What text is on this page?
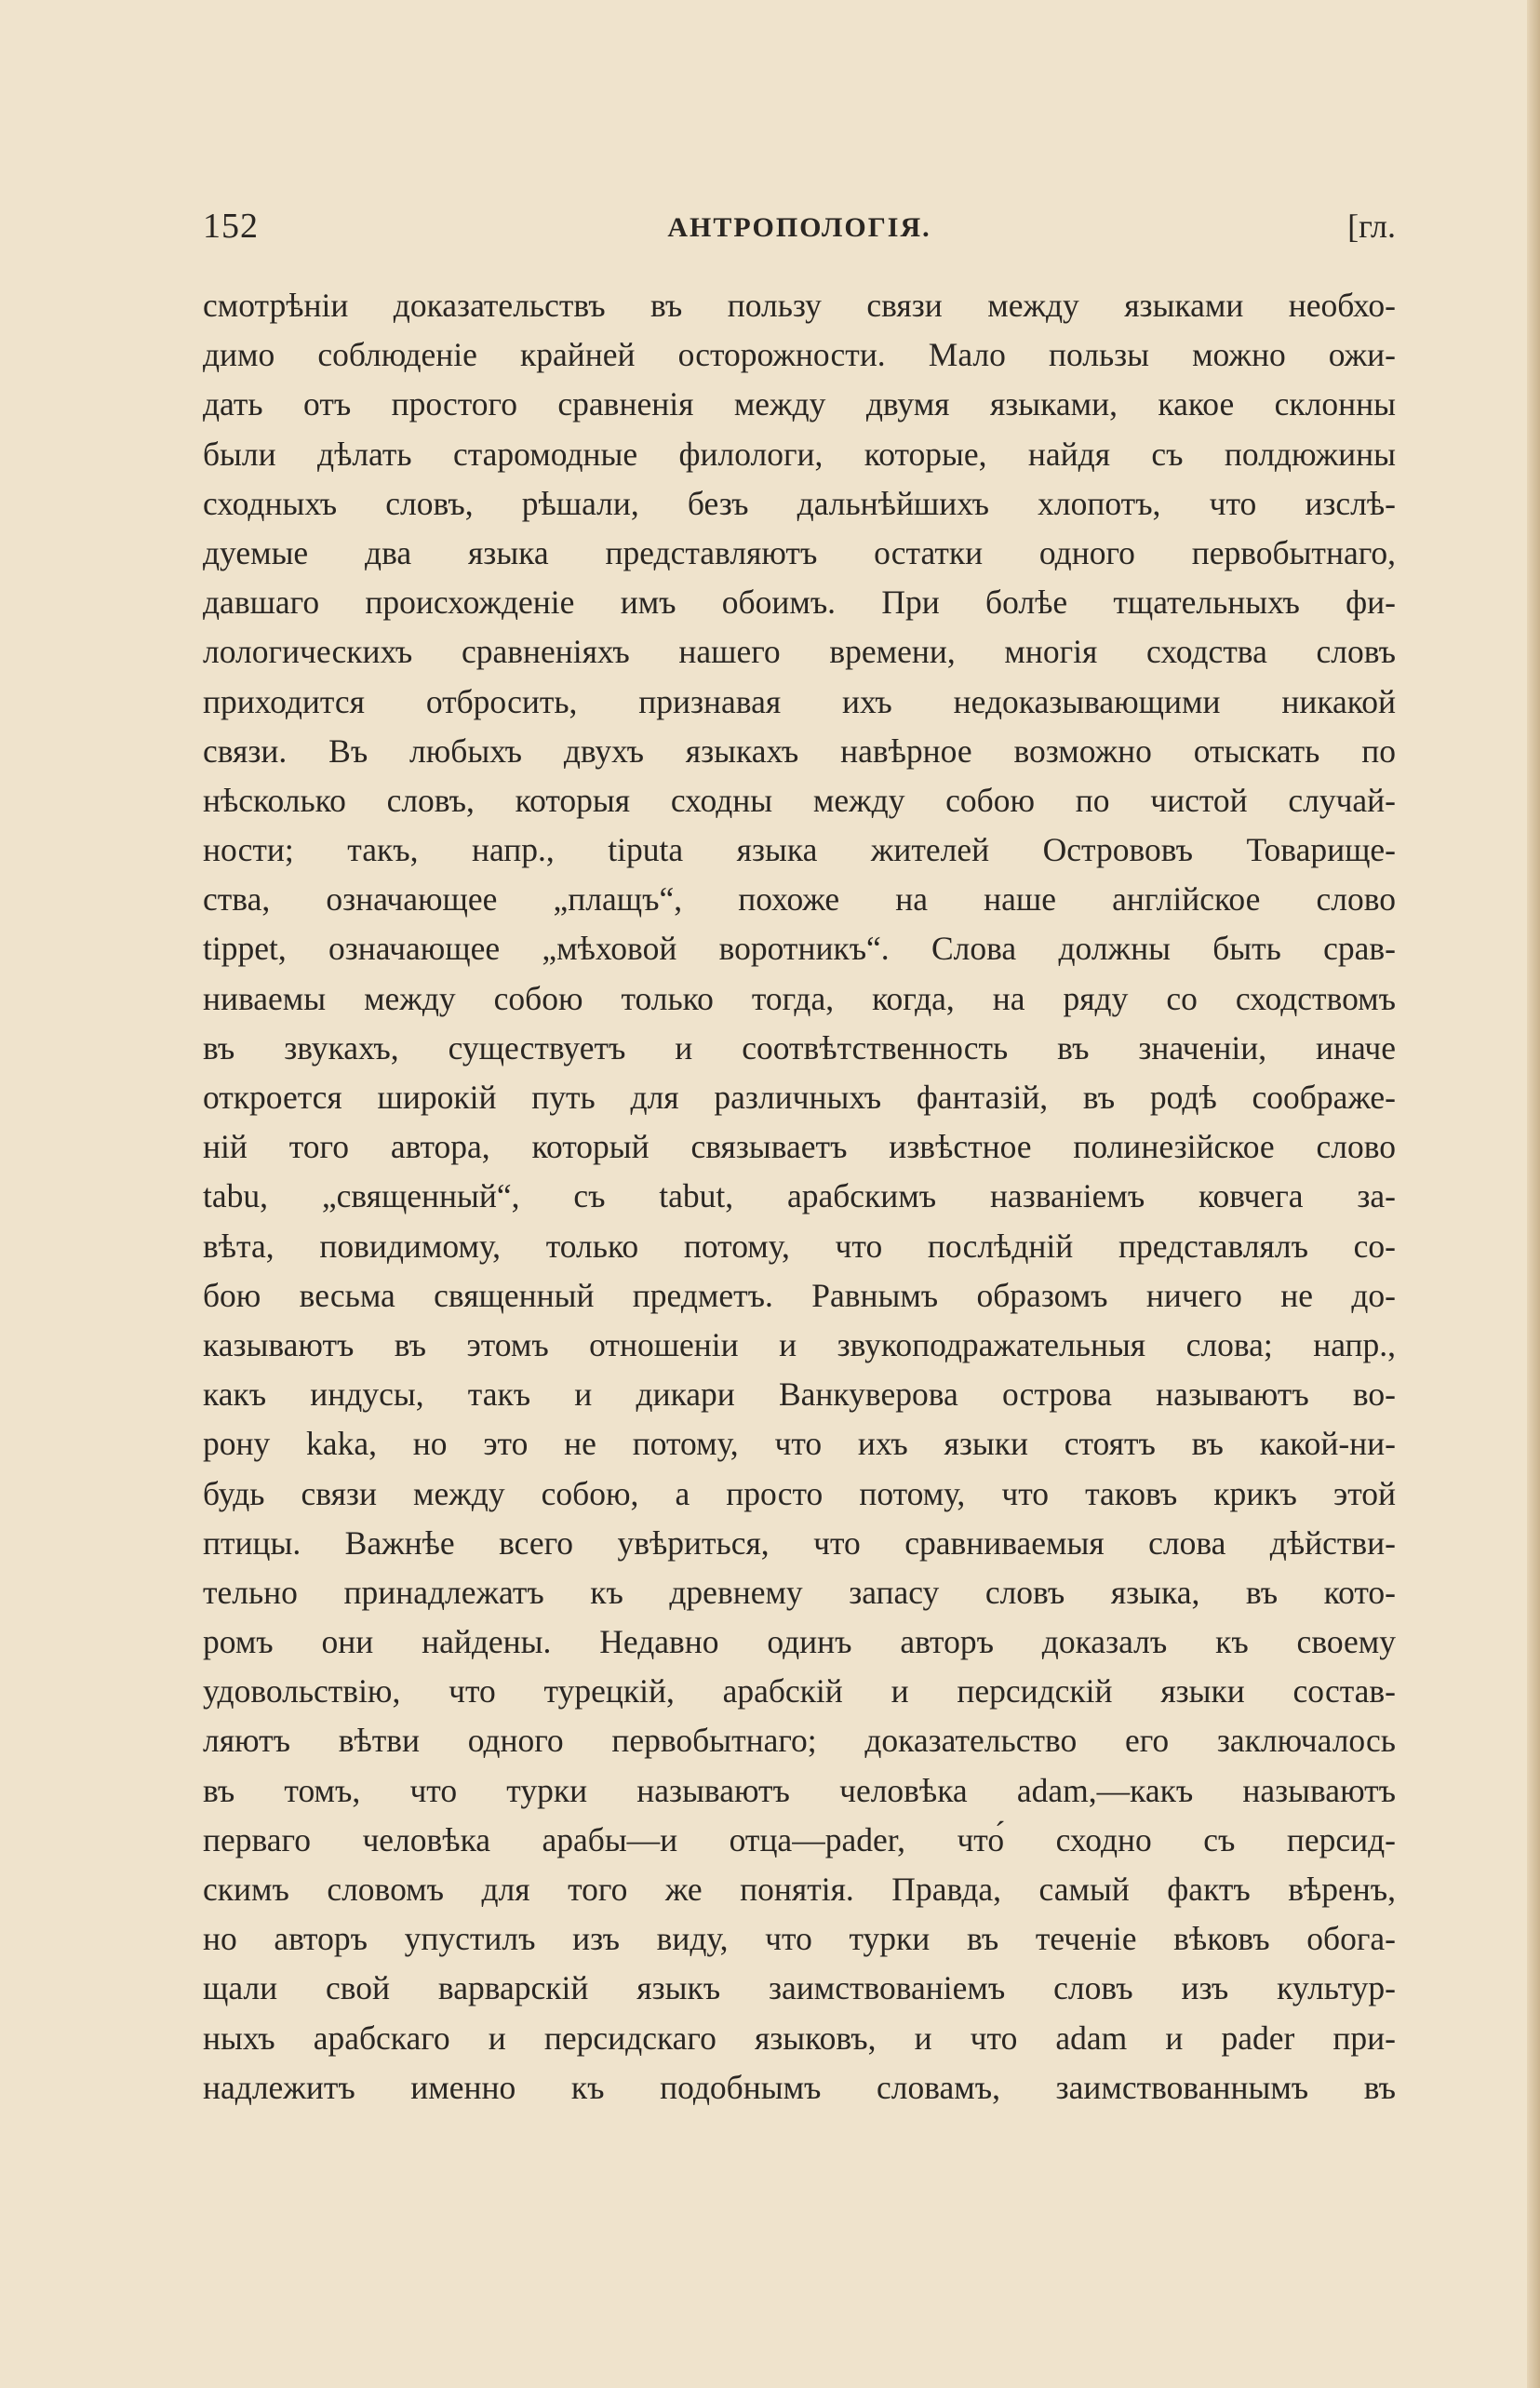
152	АНТРОПОЛОГІЯ.	[гл.
смотрѣніи доказательствъ въ пользу связи между языками необхо-
димо соблюденіе крайней осторожности. Мало пользы можно ожи-
дать отъ простого сравненія между двумя языками, какое склонны
были дѣлать старомодные филологи, которые, найдя съ полдюжины
сходныхъ словъ, рѣшали, безъ дальнѣйшихъ хлопотъ, что изслѣ-
дуемые два языка представляютъ остатки одного первобытнаго,
давшаго происхожденіе имъ обоимъ. При болѣе тщательныхъ фи-
лологическихъ сравненіяхъ нашего времени, многія сходства словъ
приходится отбросить, признавая ихъ недоказывающими никакой
связи. Въ любыхъ двухъ языкахъ навѣрное возможно отыскать по
нѣсколько словъ, которыя сходны между собою по чистой случай-
ности; такъ, напр., tiputa языка жителей Острововъ Товарище-
ства, означающее „плащъ“, похоже на наше англійское слово
tippet, означающее „мѣховой воротникъ“. Слова должны быть срав-
ниваемы между собою только тогда, когда, на ряду со сходствомъ
въ звукахъ, существуетъ и соотвѣтственность въ значеніи, иначе
откроется широкій путь для различныхъ фантазій, въ родѣ соображе-
ній того автора, который связываетъ извѣстное полинезійское слово
tabu, „священный“, съ tabut, арабскимъ названіемъ ковчега за-
вѣта, повидимому, только потому, что послѣдній представлялъ со-
бою весьма священный предметъ. Равнымъ образомъ ничего не до-
казываютъ въ этомъ отношеніи и звукоподражательныя слова; напр.,
какъ индусы, такъ и дикари Ванкуверова острова называютъ во-
рону kaka, но это не потому, что ихъ языки стоятъ въ какой-ни-
будь связи между собою, а просто потому, что таковъ крикъ этой
птицы. Важнѣе всего увѣриться, что сравниваемыя слова дѣйстви-
тельно принадлежатъ къ древнему запасу словъ языка, въ кото-
ромъ они найдены. Недавно одинъ авторъ доказалъ къ своему
удовольствію, что турецкій, арабскій и персидскій языки состав-
ляютъ вѣтви одного первобытнаго; доказательство его заключалось
въ томъ, что турки называютъ человѣка adam,—какъ называютъ
перваго человѣка арабы—и отца—pader, что́ сходно съ персид-
скимъ словомъ для того же понятія. Правда, самый фактъ вѣренъ,
но авторъ упустилъ изъ виду, что турки въ теченіе вѣковъ обога-
щали свой варварскій языкъ заимствованіемъ словъ изъ культур-
ныхъ арабскаго и персидскаго языковъ, и что adam и pader при-
надлежитъ именно къ подобнымъ словамъ, заимствованнымъ въ
